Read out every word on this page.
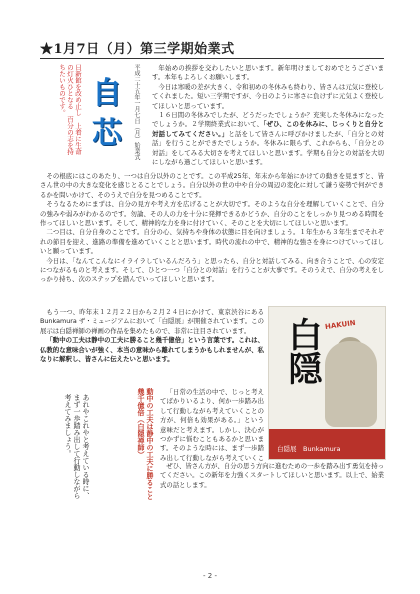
★1月7日（月）第三学期始業式
日新館を改め止し　上着に生命の灯火ひとなる　百分の志を持ちたいものです。 自
芯 平成二十五年一月七日（月）始業式	年始めの挨拶を交わしたいと思います。新年明けましておめでとうございます。本年もよろしくお願いします。

今日は寒暖の差が大きく、令和初めの冬休みも終わり、皆さんは元気に登校してくれました。短い三学期ですが、今日のように寒さに負けずに元気よく登校してほしいと思っています。

１６日間の冬休みでしたが、どうだったでしょうか？充実した冬休みになったでしょうか。２学期終業式において、「ぜひ、このを休みに、じっくりと自分と対話してみてください。」と話をして皆さんに呼びかけましたが、「自分との対話」を行うことができたでしょうか。冬休みに限らず、これからも、「自分との対話」をしてみる大切さを考えてほしいと思います。学期も自分との対話を大切にしながら過ごしてほしいと思います。

その根底にはこのあたり、一つは自分以外のことです。この平成25年、年末から年始にかけての動きを見ますと、皆さん世の中の大きな変化を感じとることでしょう。自分以外の世の中や自分の周辺の変化に対して謙う姿勢で何ができるかを問いかけて、そのうえで自分を見つめることです。

そうなるためにまずは、自分の見方や考え方を広げることが大切です。そのような自分を理解していくことで、自分の強みや弱みがわかるのです。勿論、その人の力を十分に発揮できるかどうか、自分のことをしっかり見つめる時間を作ってほしいと思います。そして、精神的な力を身に付けていく、そのことを大切にしてほしいと思います。

二つ目は、自分自身のことです。自分の心、気持ちや身体の状態に目を向けましょう。１年生から３年生までそれぞれの節目を迎え、進路の準備を進めていくことと思います。時代の流れの中で、精神的な強さを身につけていってほしいと願っています。

今日は、「なんてこんなにイライラしているんだろう」と思ったら、自分と対話してみる、向き合うことで、心の安定につながるものと考えます。そして、ひとつ一つ「自分との対話」を行うことが大事です。そのうえで、自分の考えをしっかり持ち、次のステップを踏んでいってほしいと思います。

もう一つ、昨年末１２月２２日から２月２４日にかけて、東京渋谷にある Bunkamura ザ・ミュージアムにおいて「白隠展」が開催されています。この展示は白隠禅師の禅画の作品を集めたもので、非常に注目されています。

「動中の工夫は静中の工夫に勝ること幾千億倍」という言葉です。これは、仏教的な意味合いが強く、本当の意味から離れてしまうかもしれませんが、私なりに解釈し、皆さんに伝えたいと思います。	白隠 HAKUIN
白隠展　Bunkamura
動中の工夫は静中の工夫に勝ること幾千億倍（白隠禅師）
あれやこれやと考えている時に、まず一歩踏み出して行動しながら考えてみましょう。

「日常の生活の中で、じっと考えてばかりいるより、何か一歩踏み出して行動しながら考えていくことの方が、何倍も効果がある。」という意味だと考えます。しかし、決心がつかずに悩むこともあるかと思います。そのような時には、まず一歩踏み出して行動しながら考えていくこ

ぜひ、皆さん方が、自分の思う方向に進むための一歩を踏み出す勇気を持ってください。この新年を力強くスタートしてほしいと思います。以上で、始業式の話とします。

- 2 -
